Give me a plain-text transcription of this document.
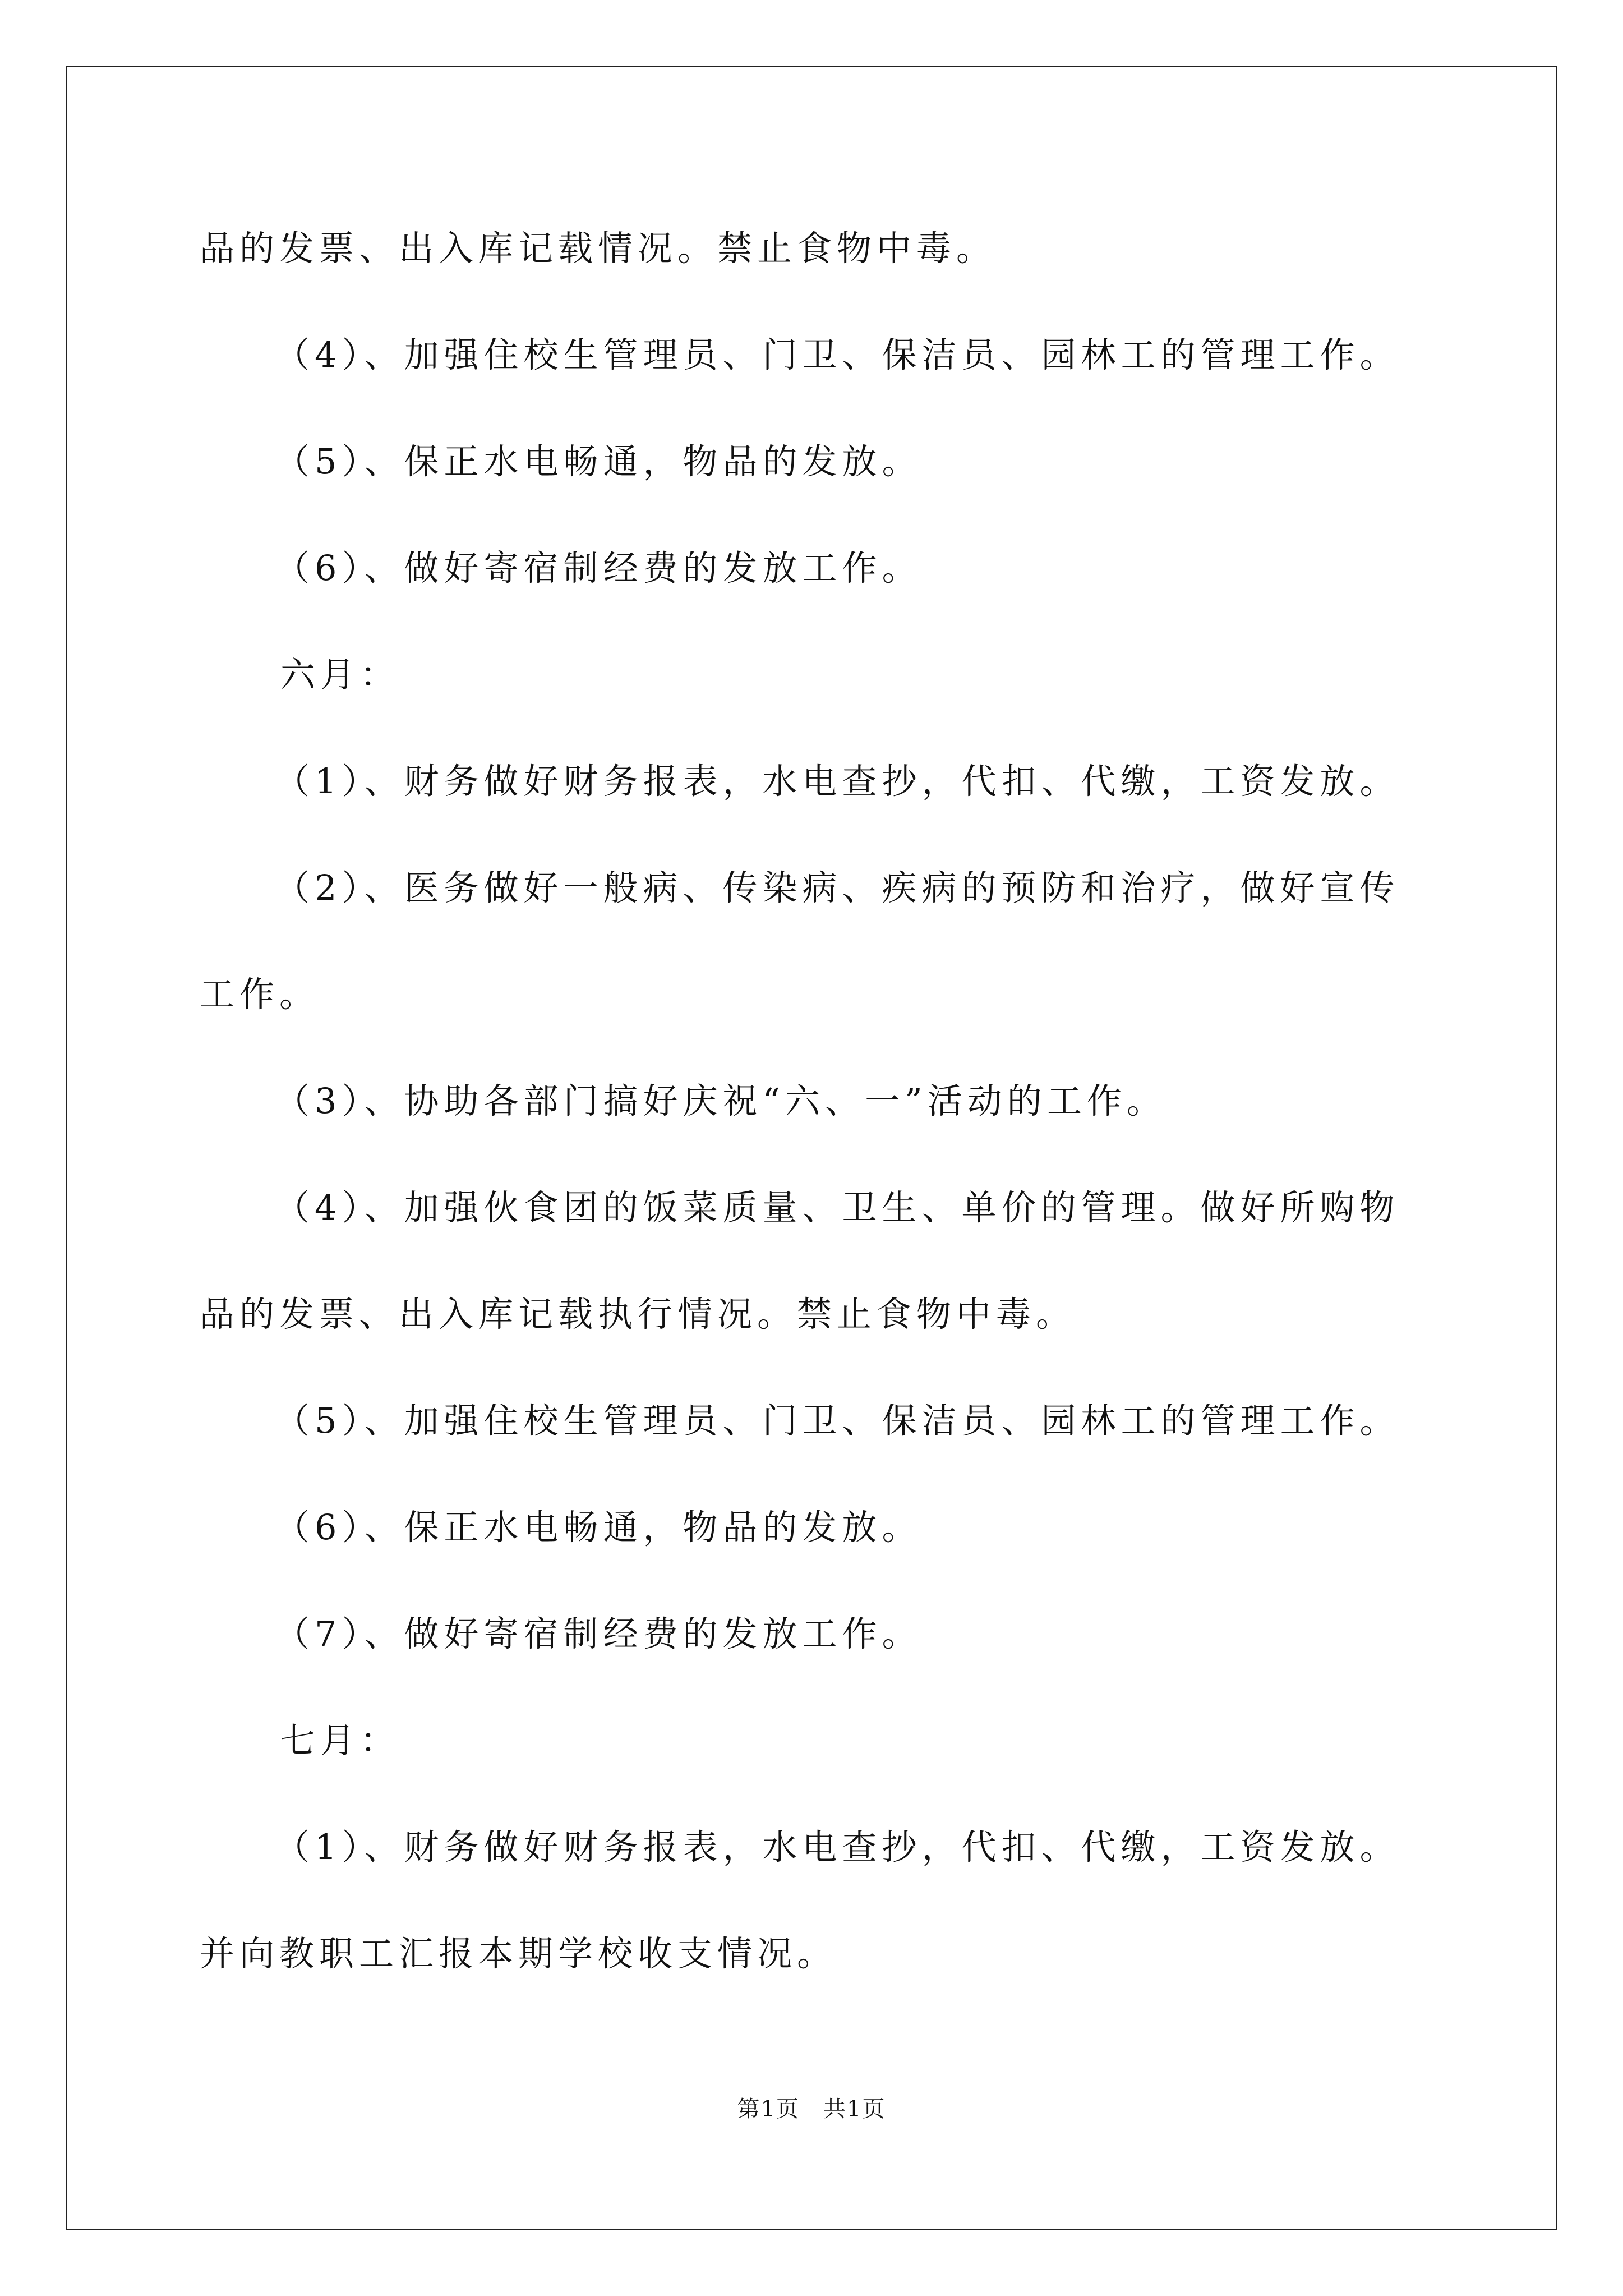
品的发票、出入库记载情况。禁止食物中毒。
（4）、加强住校生管理员、门卫、保洁员、园林工的管理工作。
（5）、保正水电畅通，物品的发放。
（6）、做好寄宿制经费的发放工作。
六月：
（1）、财务做好财务报表，水电查抄，代扣、代缴，工资发放。
（2）、医务做好一般病、传染病、疾病的预防和治疗，做好宣传
工作。
（3）、协助各部门搞好庆祝“六、一”活动的工作。
（4）、加强伙食团的饭菜质量、卫生、单价的管理。做好所购物
品的发票、出入库记载执行情况。禁止食物中毒。
（5）、加强住校生管理员、门卫、保洁员、园林工的管理工作。
（6）、保正水电畅通，物品的发放。
（7）、做好寄宿制经费的发放工作。
七月：
（1）、财务做好财务报表，水电查抄，代扣、代缴，工资发放。
并向教职工汇报本期学校收支情况。
第1页　共1页
